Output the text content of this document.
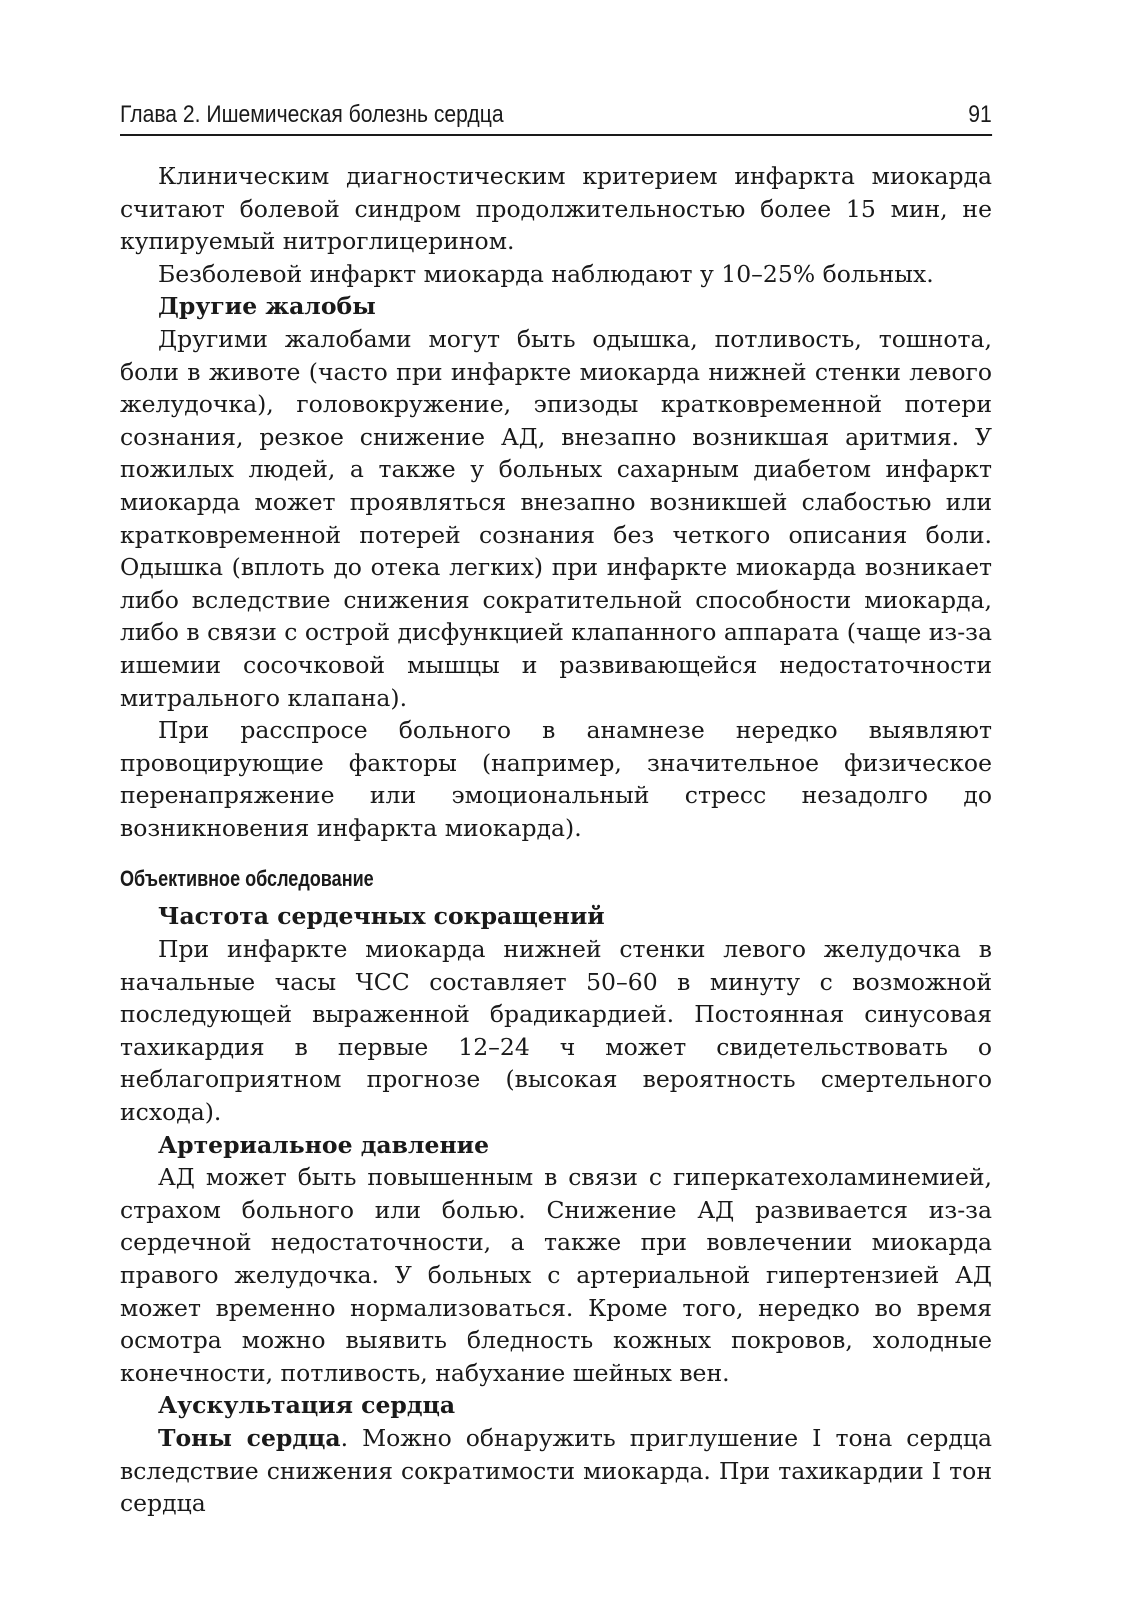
Глава 2. Ишемическая болезнь сердца	91

Клиническим диагностическим критерием инфаркта миокарда считают болевой синдром продолжительностью более 15 мин, не купируемый нитроглицерином.

Безболевой инфаркт миокарда наблюдают у 10–25% больных.

Другие жалобы

Другими жалобами могут быть одышка, потливость, тошнота, боли в животе (часто при инфаркте миокарда нижней стенки левого желудочка), головокружение, эпизоды кратковременной потери сознания, резкое снижение АД, внезапно возникшая аритмия. У пожилых людей, а также у больных сахарным диабетом инфаркт миокарда может проявляться внезапно возникшей слабостью или кратковременной потерей сознания без четкого описания боли. Одышка (вплоть до отека легких) при инфаркте миокарда возникает либо вследствие снижения сократительной способности миокарда, либо в связи с острой дисфункцией клапанного аппарата (чаще из-за ишемии сосочковой мышцы и развивающейся недостаточности митрального клапана).

При расспросе больного в анамнезе нередко выявляют провоцирующие факторы (например, значительное физическое перенапряжение или эмоциональный стресс незадолго до возникновения инфаркта миокарда).

Объективное обследование

Частота сердечных сокращений

При инфаркте миокарда нижней стенки левого желудочка в начальные часы ЧСС составляет 50–60 в минуту с возможной последующей выраженной брадикардией. Постоянная синусовая тахикардия в первые 12–24 ч может свидетельствовать о неблагоприятном прогнозе (высокая вероятность смертельного исхода).

Артериальное давление

АД может быть повышенным в связи с гиперкатехоламинемией, страхом больного или болью. Снижение АД развивается из-за сердечной недостаточности, а также при вовлечении миокарда правого желудочка. У больных с артериальной гипертензией АД может временно нормализоваться. Кроме того, нередко во время осмотра можно выявить бледность кожных покровов, холодные конечности, потливость, набухание шейных вен.

Аускультация сердца

Тоны сердца. Можно обнаружить приглушение I тона сердца вследствие снижения сократимости миокарда. При тахикардии I тон сердца
